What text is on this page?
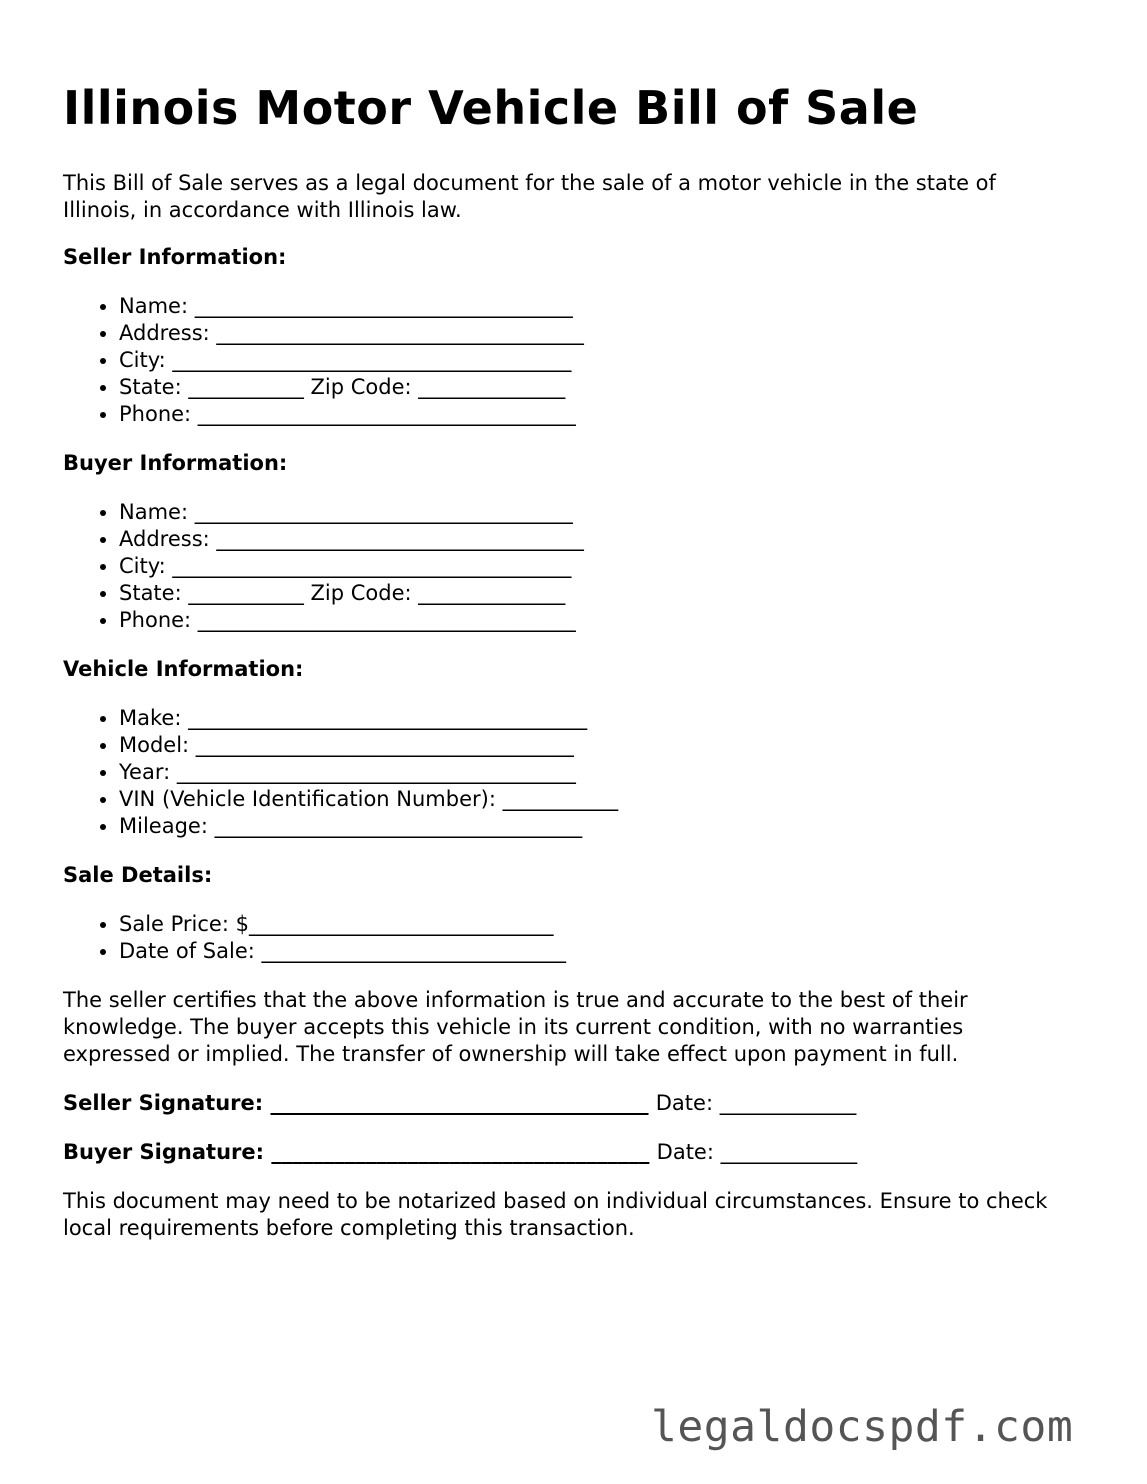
Illinois Motor Vehicle Bill of Sale

This Bill of Sale serves as a legal document for the sale of a motor vehicle in the state of Illinois, in accordance with Illinois law.

Seller Information:
• Name: ____________________________________
• Address: ___________________________________
• City: ______________________________________
• State: ___________ Zip Code: ______________
• Phone: ____________________________________
Buyer Information:
• Name: ____________________________________
• Address: ___________________________________
• City: ______________________________________
• State: ___________ Zip Code: ______________
• Phone: ____________________________________
Vehicle Information:
• Make: ______________________________________
• Model: ____________________________________
• Year: ______________________________________
• VIN (Vehicle Identification Number): ___________
• Mileage: ___________________________________
Sale Details:
• Sale Price: $_____________________________
• Date of Sale: _____________________________

The seller certifies that the above information is true and accurate to the best of their knowledge. The buyer accepts this vehicle in its current condition, with no warranties expressed or implied. The transfer of ownership will take effect upon payment in full.

Seller Signature: ____________________________________ Date: _____________

Buyer Signature: ____________________________________ Date: _____________

This document may need to be notarized based on individual circumstances. Ensure to check local requirements before completing this transaction.

legaldocspdf.com
